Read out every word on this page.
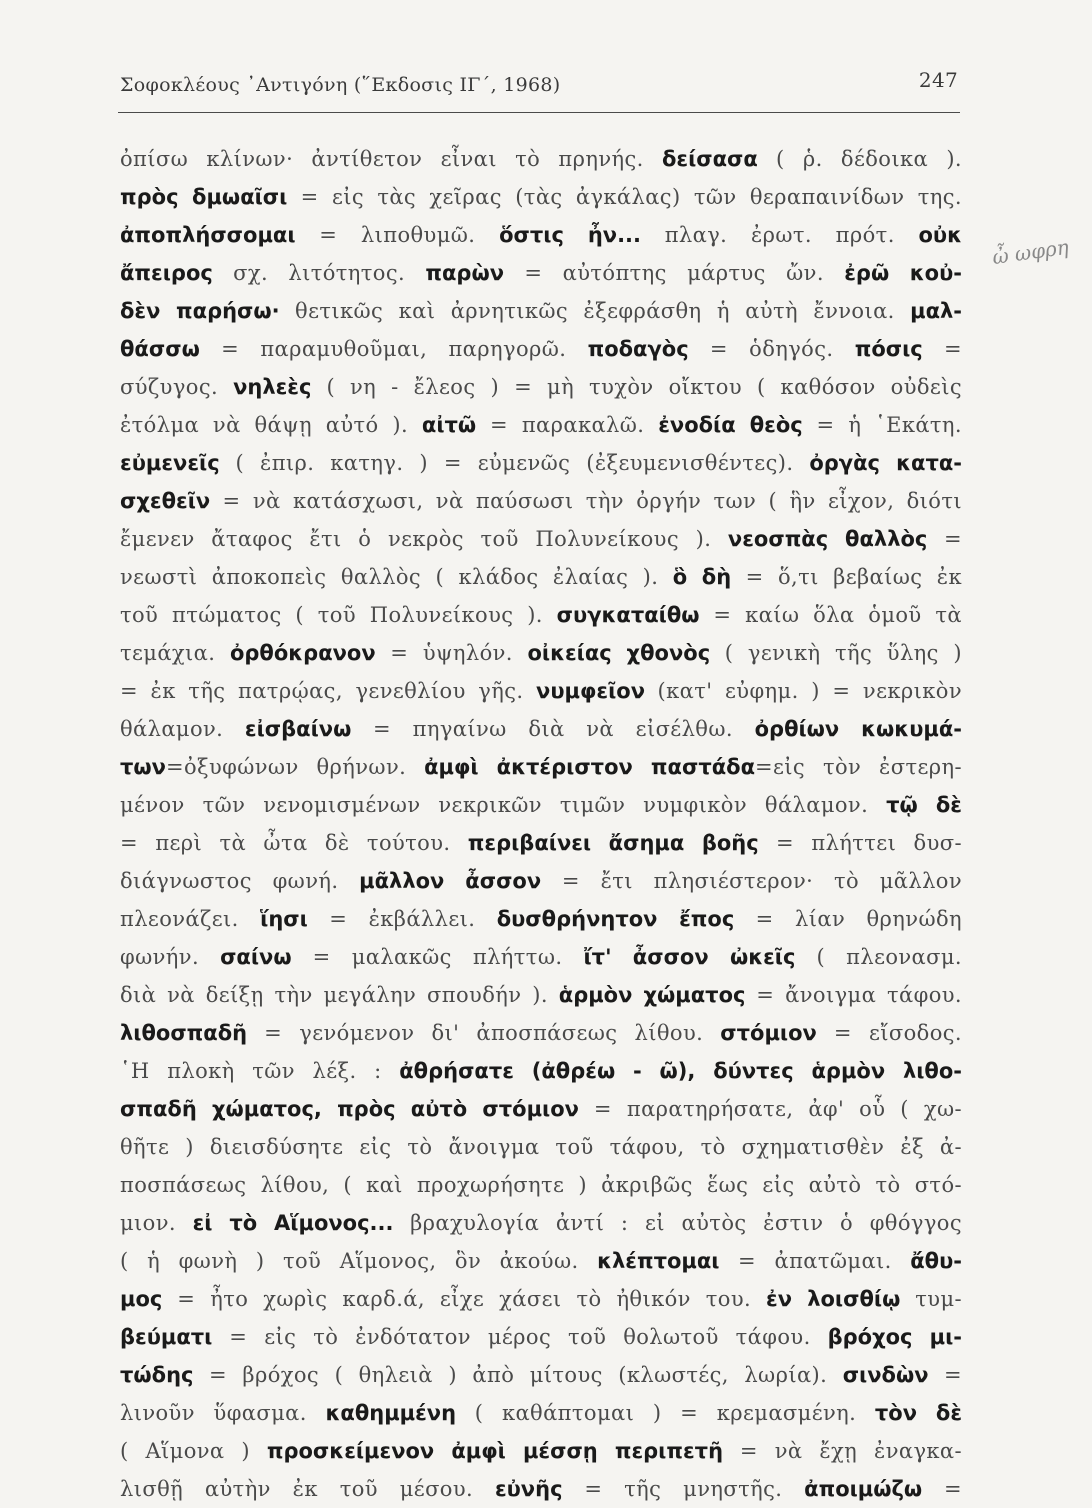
Σοφοκλέους ᾽Αντιγόνη (῞Εκδοσις ΙΓ΄, 1968)	247
ὦ ωφρη
ὀπίσω κλίνων· ἀντίθετον εἶναι τὸ πρηνής. δείσασα ( ῥ. δέδοικα ).
πρὸς δμωαῖσι = εἰς τὰς χεῖρας (τὰς ἀγκάλας) τῶν θεραπαινίδων της.
ἀποπλήσσομαι = λιποθυμῶ. ὅστις ἦν... πλαγ. ἐρωτ. πρότ. οὐκ
ἄπειρος σχ. λιτότητος. παρὼν = αὐτόπτης μάρτυς ὤν. ἐρῶ κοὐ-
δὲν παρήσω· θετικῶς καὶ ἀρνητικῶς ἐξεφράσθη ἡ αὐτὴ ἔννοια. μαλ-
θάσσω = παραμυθοῦμαι, παρηγορῶ. ποδαγὸς = ὁδηγός. πόσις =
σύζυγος. νηλεὲς ( νη - ἔλεος ) = μὴ τυχὸν οἴκτου ( καθόσον οὐδεὶς
ἐτόλμα νὰ θάψῃ αὐτό ). αἰτῶ = παρακαλῶ. ἐνοδία θεὸς = ἡ ῾Εκάτη.
εὐμενεῖς ( ἐπιρ. κατηγ. ) = εὐμενῶς (ἐξευμενισθέντες). ὀργὰς κατα-
σχεθεῖν = νὰ κατάσχωσι, νὰ παύσωσι τὴν ὀργήν των ( ἣν εἶχον, διότι
ἔμενεν ἄταφος ἔτι ὁ νεκρὸς τοῦ Πολυνείκους ). νεοσπὰς θαλλὸς =
νεωστὶ ἀποκοπεὶς θαλλὸς ( κλάδος ἐλαίας ). ὃ δὴ = ὅ,τι βεβαίως ἐκ
τοῦ πτώματος ( τοῦ Πολυνείκους ). συγκαταίθω = καίω ὅλα ὁμοῦ τὰ
τεμάχια. ὀρθόκρανον = ὑψηλόν. οἰκείας χθονὸς ( γενικὴ τῆς ὕλης )
= ἐκ τῆς πατρῴας, γενεθλίου γῆς. νυμφεῖον (κατ' εὐφημ. ) = νεκρικὸν
θάλαμον. εἰσβαίνω = πηγαίνω διὰ νὰ εἰσέλθω. ὀρθίων κωκυμά-
των=ὀξυφώνων θρήνων. ἀμφὶ ἀκτέριστον παστάδα=εἰς τὸν ἐστερη-
μένον τῶν νενομισμένων νεκρικῶν τιμῶν νυμφικὸν θάλαμον. τῷ δὲ
= περὶ τὰ ὦτα δὲ τούτου. περιβαίνει ἄσημα βοῆς = πλήττει δυσ-
διάγνωστος φωνή. μᾶλλον ἆσσον = ἔτι πλησιέστερον· τὸ μᾶλλον
πλεονάζει. ἵησι = ἐκβάλλει. δυσθρήνητον ἔπος = λίαν θρηνώδη
φωνήν. σαίνω = μαλακῶς πλήττω. ἴτ' ἆσσον ὠκεῖς ( πλεονασμ.
διὰ νὰ δείξῃ τὴν μεγάλην σπουδήν ). ἁρμὸν χώματος = ἄνοιγμα τάφου.
λιθοσπαδῆ = γενόμενον δι' ἀποσπάσεως λίθου. στόμιον = εἴσοδος.
῾Η πλοκὴ τῶν λέξ. : ἀθρήσατε (ἀθρέω - ῶ), δύντες ἁρμὸν λιθο-
σπαδῆ χώματος, πρὸς αὐτὸ στόμιον = παρατηρήσατε, ἀφ' οὗ ( χω-
θῆτε ) διεισδύσητε εἰς τὸ ἄνοιγμα τοῦ τάφου, τὸ σχηματισθὲν ἐξ ἀ-
ποσπάσεως λίθου, ( καὶ προχωρήσητε ) ἀκριβῶς ἕως εἰς αὐτὸ τὸ στό-
μιον. εἰ τὸ Αἵμονος... βραχυλογία ἀντί : εἰ αὐτὸς ἐστιν ὁ φθόγγος
( ἡ φωνὴ ) τοῦ Αἵμονος, ὃν ἀκούω. κλέπτομαι = ἀπατῶμαι. ἄθυ-
μος = ἦτο χωρὶς καρδ.ά, εἶχε χάσει τὸ ἠθικόν του. ἐν λοισθίῳ τυμ-
βεύματι = εἰς τὸ ἐνδότατον μέρος τοῦ θολωτοῦ τάφου. βρόχος μι-
τώδης = βρόχος ( θηλειὰ ) ἀπὸ μίτους (κλωστές, λωρία). σινδὼν =
λινοῦν ὕφασμα. καθημμένη ( καθάπτομαι ) = κρεμασμένη. τὸν δὲ
( Αἵμονα ) προσκείμενον ἀμφὶ μέσσῃ περιπετῆ = νὰ ἔχῃ ἐναγκα-
λισθῇ αὐτὴν ἐκ τοῦ μέσου. εὐνῆς = τῆς μνηστῆς. ἀποιμώζω =
